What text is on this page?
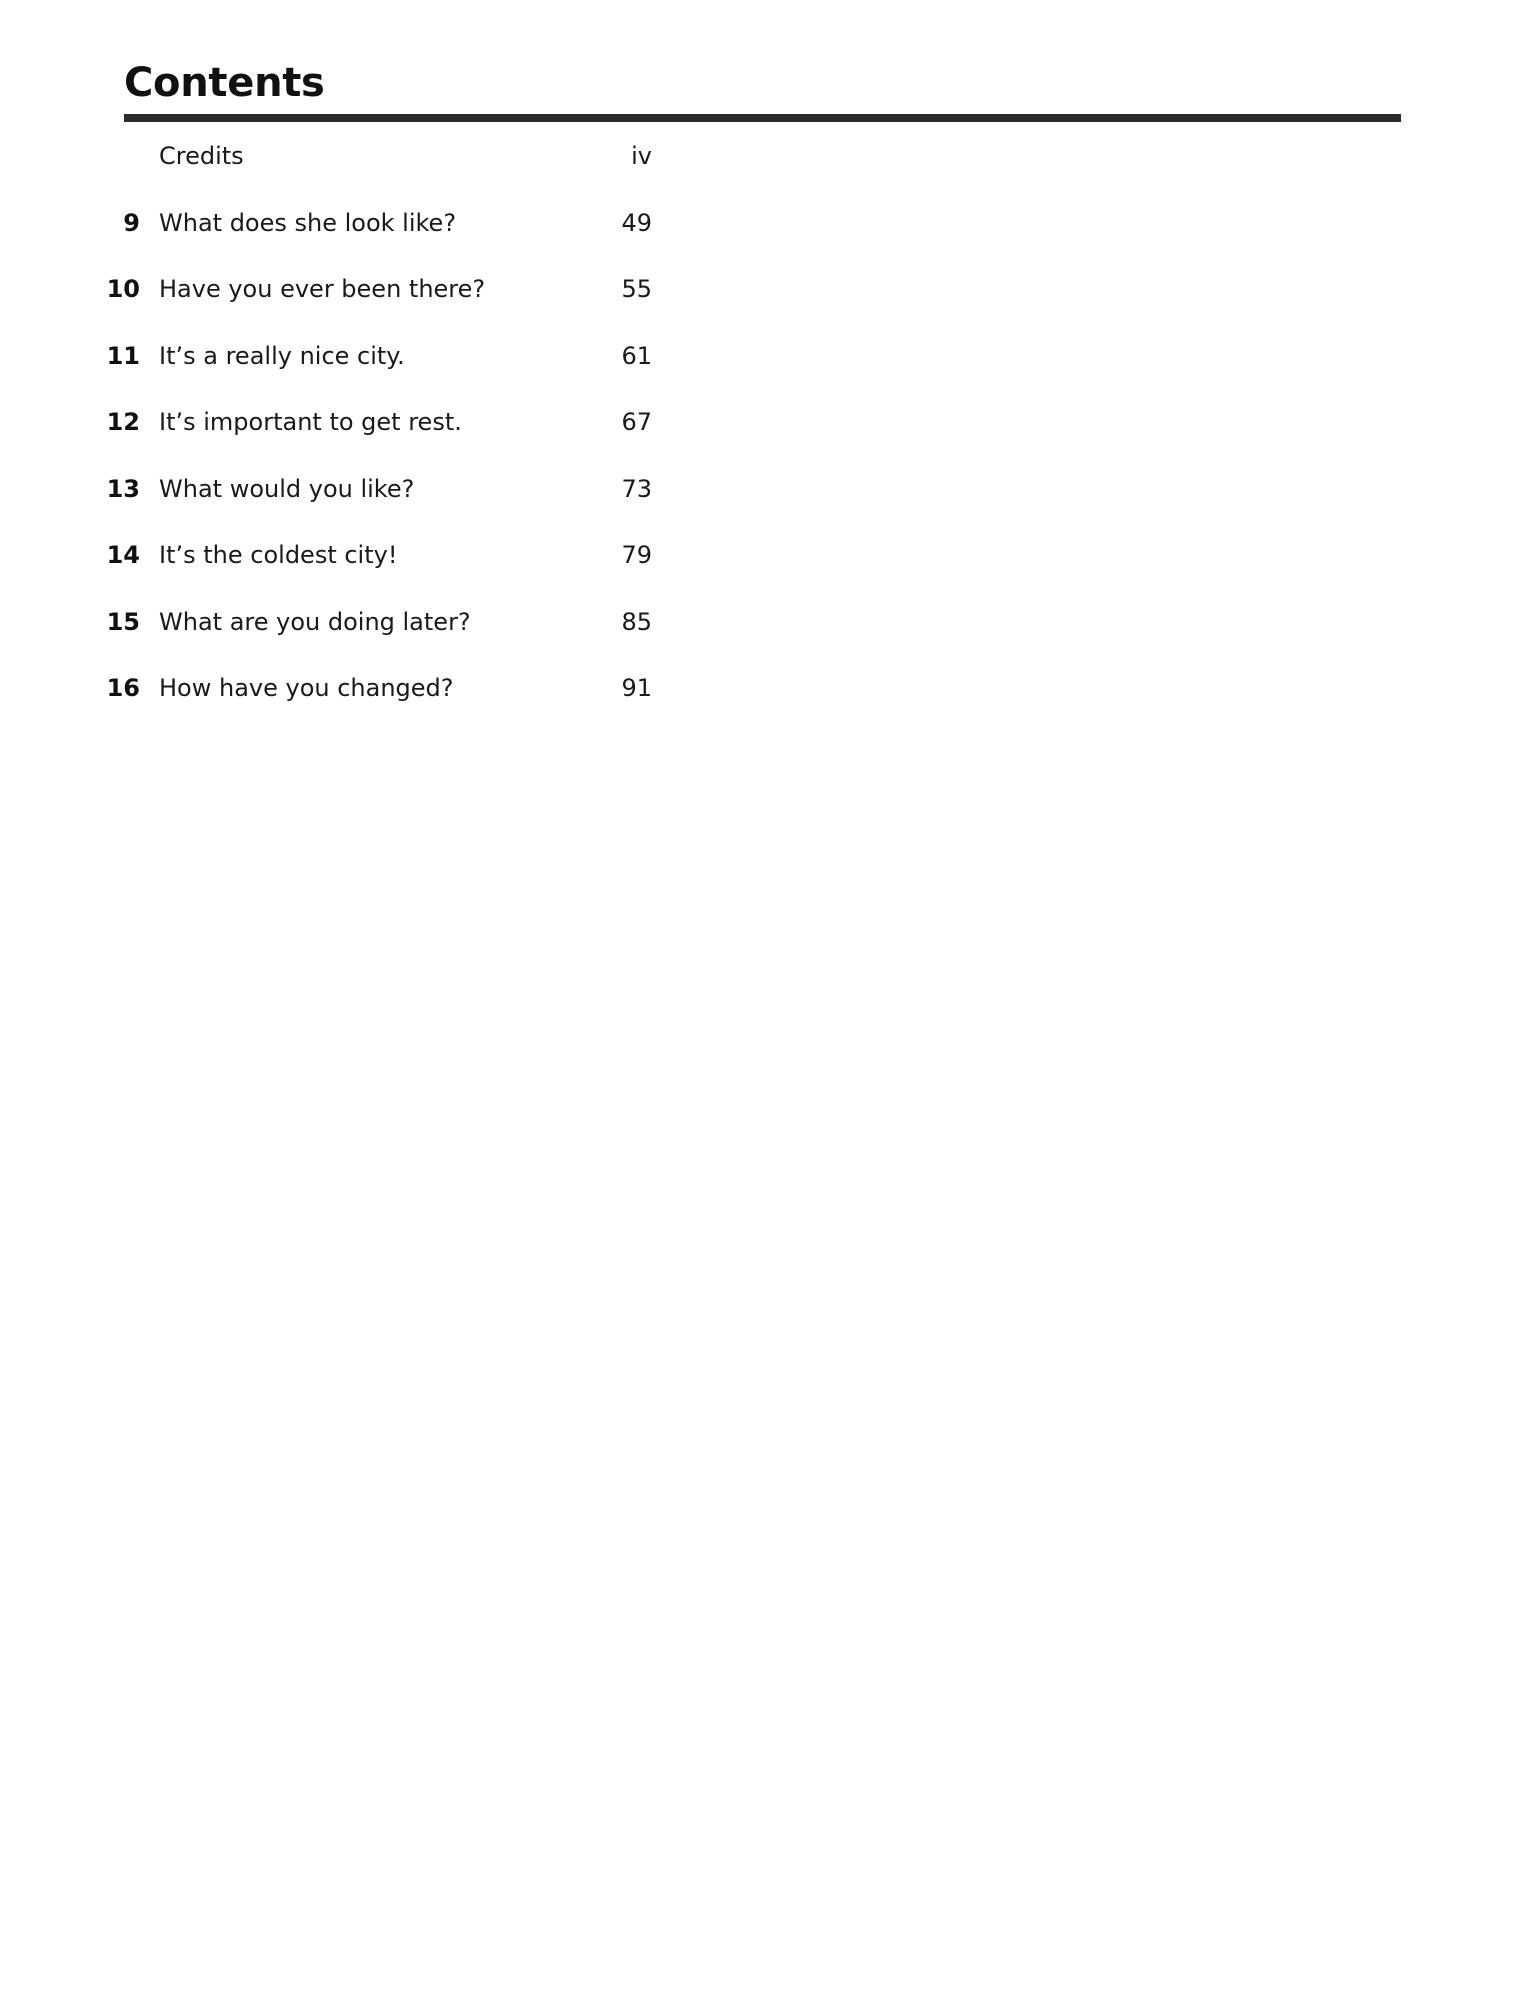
Contents
Credits	iv
9 What does she look like?	49
10 Have you ever been there?	55
11 It’s a really nice city.	61
12 It’s important to get rest.	67
13 What would you like?	73
14 It’s the coldest city!	79
15 What are you doing later?	85
16 How have you changed?	91
